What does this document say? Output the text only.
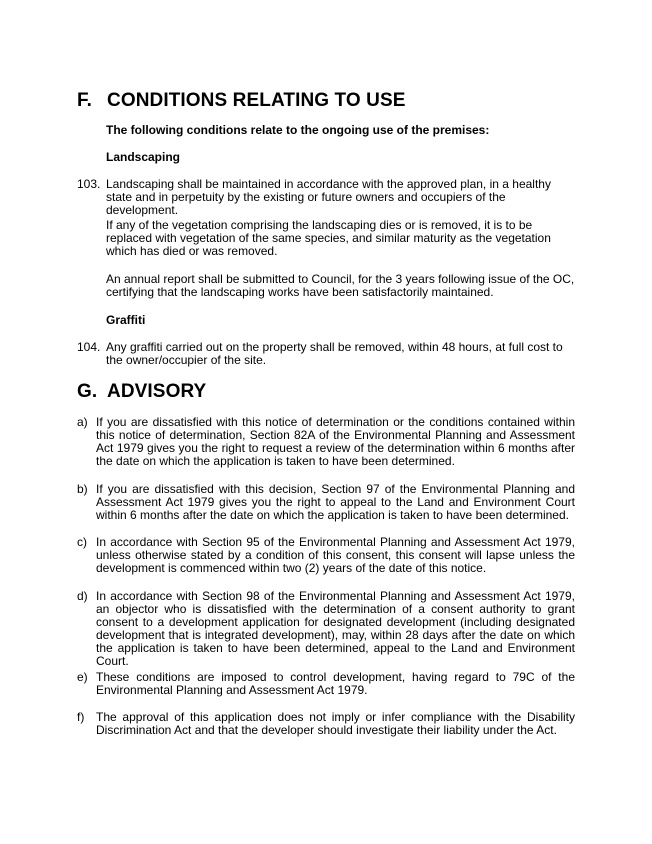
F. CONDITIONS RELATING TO USE

The following conditions relate to the ongoing use of the premises:

Landscaping

103. Landscaping shall be maintained in accordance with the approved plan, in a healthy state and in perpetuity by the existing or future owners and occupiers of the development.
If any of the vegetation comprising the landscaping dies or is removed, it is to be replaced with vegetation of the same species, and similar maturity as the vegetation which has died or was removed.
An annual report shall be submitted to Council, for the 3 years following issue of the OC, certifying that the landscaping works have been satisfactorily maintained.

Graffiti

104. Any graffiti carried out on the property shall be removed, within 48 hours, at full cost to the owner/occupier of the site.
G. ADVISORY
a) If you are dissatisfied with this notice of determination or the conditions contained within this notice of determination, Section 82A of the Environmental Planning and Assessment Act 1979 gives you the right to request a review of the determination within 6 months after the date on which the application is taken to have been determined.
b) If you are dissatisfied with this decision, Section 97 of the Environmental Planning and Assessment Act 1979 gives you the right to appeal to the Land and Environment Court within 6 months after the date on which the application is taken to have been determined.
c) In accordance with Section 95 of the Environmental Planning and Assessment Act 1979, unless otherwise stated by a condition of this consent, this consent will lapse unless the development is commenced within two (2) years of the date of this notice.
d) In accordance with Section 98 of the Environmental Planning and Assessment Act 1979, an objector who is dissatisfied with the determination of a consent authority to grant consent to a development application for designated development (including designated development that is integrated development), may, within 28 days after the date on which the application is taken to have been determined, appeal to the Land and Environment Court.
e) These conditions are imposed to control development, having regard to 79C of the Environmental Planning and Assessment Act 1979.
f) The approval of this application does not imply or infer compliance with the Disability Discrimination Act and that the developer should investigate their liability under the Act.
